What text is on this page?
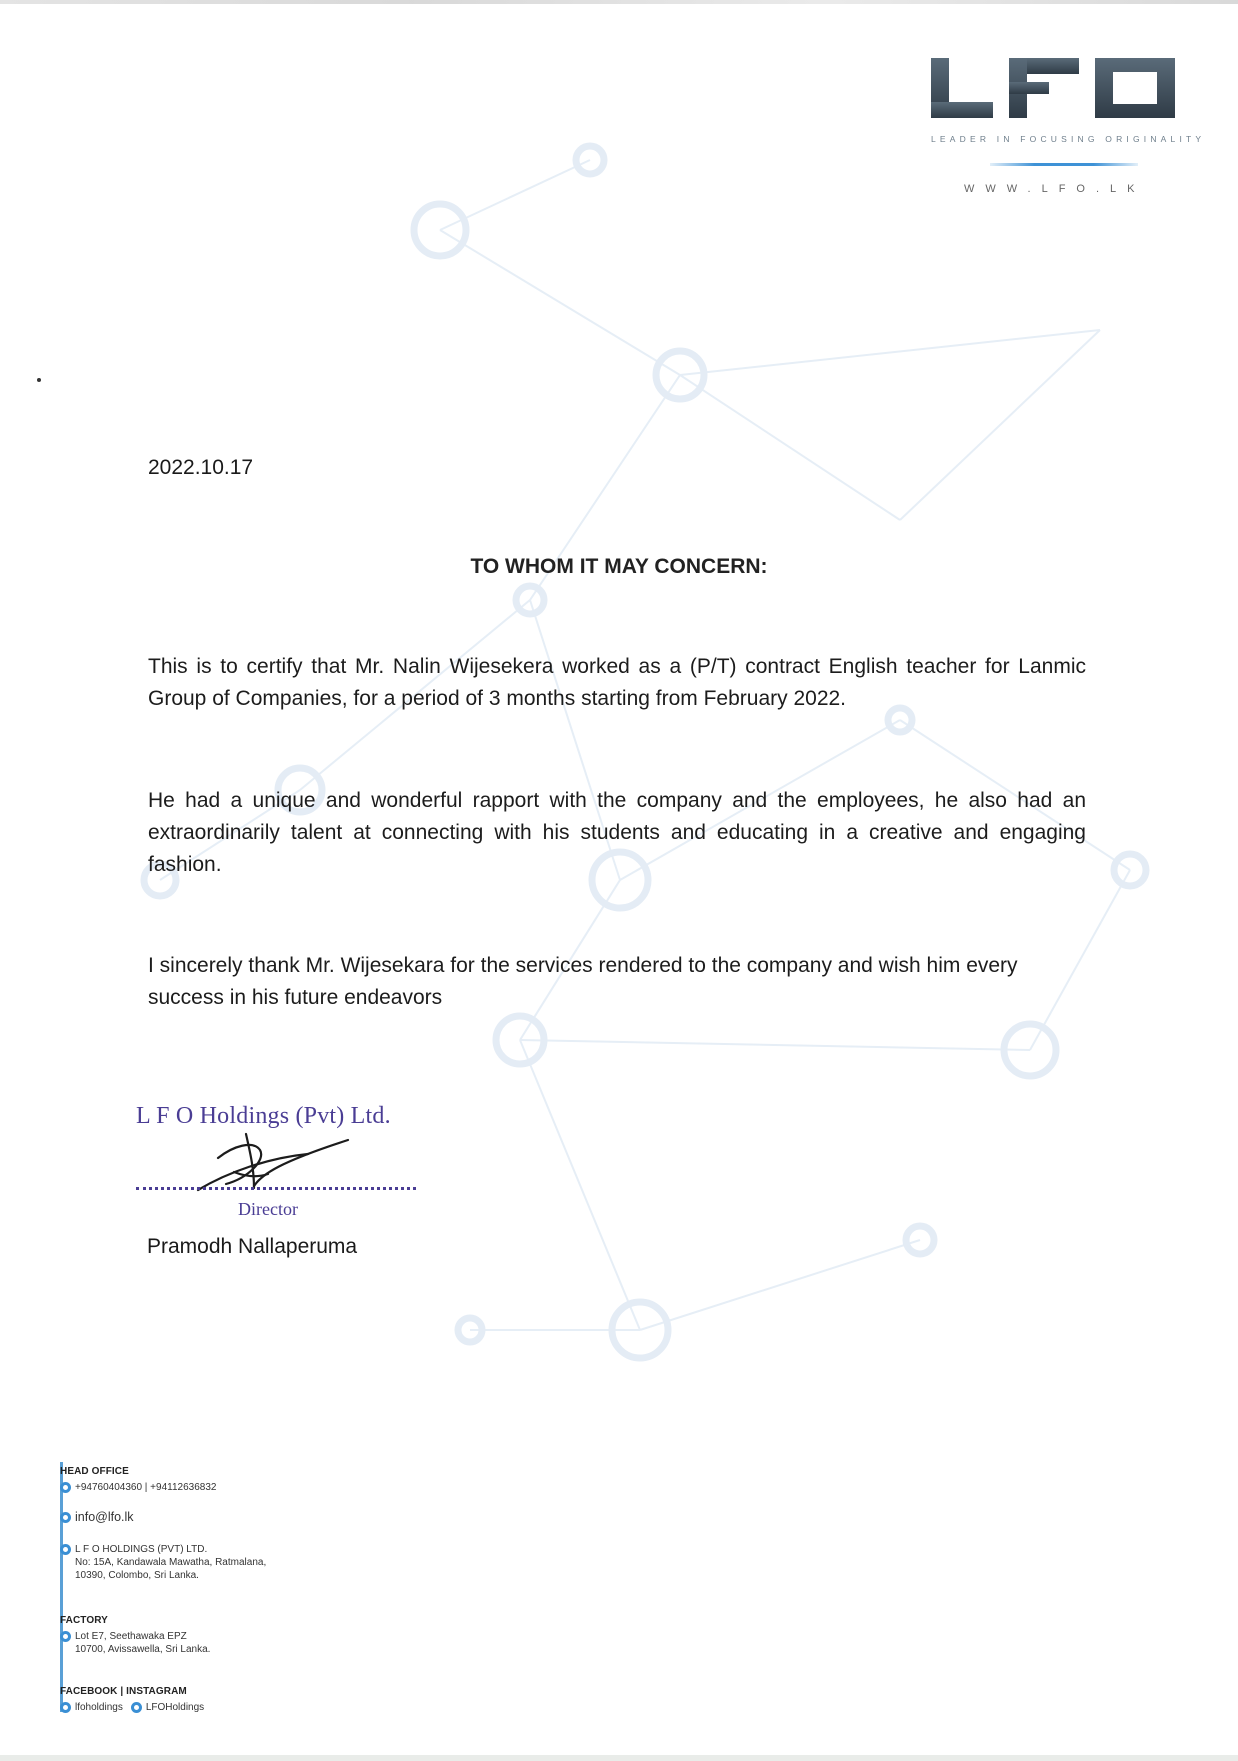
LEADER IN FOCUSING ORIGINALITY
WWW.LFO.LK
2022.10.17
TO WHOM IT MAY CONCERN:
This is to certify that Mr. Nalin Wijesekera worked as a (P/T) contract English teacher for Lanmic Group of Companies, for a period of 3 months starting from February 2022.
He had a unique and wonderful rapport with the company and the employees, he also had an extraordinarily talent at connecting with his students and educating in a creative and engaging fashion.
I sincerely thank Mr. Wijesekara for the services rendered to the company and wish him every success in his future endeavors
L F O Holdings (Pvt) Ltd.
Director
Pramodh Nallaperuma
HEAD OFFICE
+94760404360 | +94112636832
info@lfo.lk
L F O HOLDINGS (PVT) LTD.
No: 15A, Kandawala Mawatha, Ratmalana,
10390, Colombo, Sri Lanka.
FACTORY
Lot E7, Seethawaka EPZ
10700, Avissawella, Sri Lanka.
FACEBOOK | INSTAGRAM
lfoholdings LFOHoldings
